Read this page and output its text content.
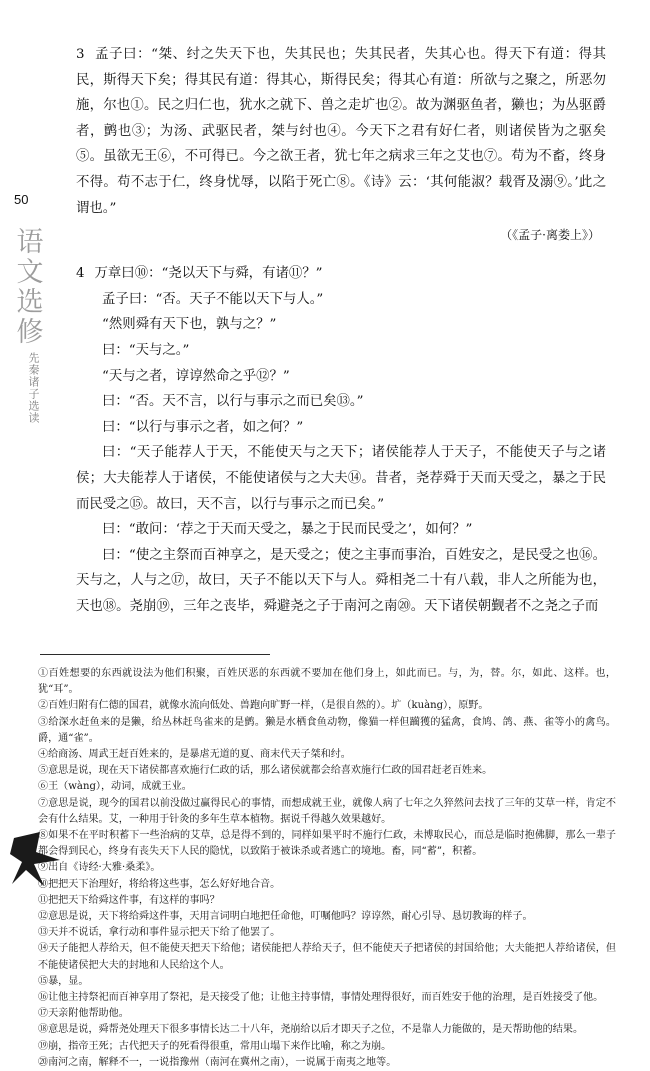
50
语
文
选
修
先秦诸子选读

3 孟子曰：“桀、纣之失天下也，失其民也；失其民者，失其心也。得天下有道：得其民，斯得天下矣；得其民有道：得其心，斯得民矣；得其心有道：所欲与之聚之，所恶勿施，尔也①。民之归仁也，犹水之就下、兽之走圹也②。故为渊驱鱼者，獭也；为丛驱爵者，鹯也③；为汤、武驱民者，桀与纣也④。今天下之君有好仁者，则诸侯皆为之驱矣⑤。虽欲无王⑥，不可得已。今之欲王者，犹七年之病求三年之艾也⑦。苟为不畜，终身不得。苟不志于仁，终身忧辱，以陷于死亡⑧。《诗》云：‘其何能淑？载胥及溺⑨。’此之谓也。”

（《孟子·离娄上》）

4 万章曰⑩：“尧以天下与舜，有诸⑪？”

孟子曰：“否。天子不能以天下与人。”
“然则舜有天下也，孰与之？”
曰：“天与之。”
“天与之者，谆谆然命之乎⑫？”
曰：“否。天不言，以行与事示之而已矣⑬。”
曰：“以行与事示之者，如之何？”

曰：“天子能荐人于天，不能使天与之天下；诸侯能荐人于天子，不能使天子与之诸侯；大夫能荐人于诸侯，不能使诸侯与之大夫⑭。昔者，尧荐舜于天而天受之，暴之于民而民受之⑮。故曰，天不言，以行与事示之而已矣。”

曰：“敢问：‘荐之于天而天受之，暴之于民而民受之’，如何？”

曰：“使之主祭而百神享之，是天受之；使之主事而事治，百姓安之，是民受之也⑯。天与之，人与之⑰，故曰，天子不能以天下与人。舜相尧二十有八载，非人之所能为也，天也⑱。尧崩⑲，三年之丧毕，舜避尧之子于南河之南⑳。天下诸侯朝觐者不之尧之子而

①百姓想要的东西就设法为他们积聚，百姓厌恶的东西就不要加在他们身上，如此而已。与，为，替。尔，如此、这样。也，犹“耳”。

②百姓归附有仁德的国君，就像水流向低处、兽跑向旷野一样，（是很自然的）。圹（kuàng），原野。

③给深水赶鱼来的是獭，给丛林赶鸟雀来的是鹯。獭是水栖食鱼动物，像猫一样但躏獲的猛禽，食鸠、鸽、燕、雀等小的禽鸟。爵，通“雀”。

④给商汤、周武王赶百姓来的，是暴虐无道的夏、商末代天子桀和纣。

⑤意思是说，现在天下诸侯都喜欢施行仁政的话，那么诸侯就都会给喜欢施行仁政的国君赶老百姓来。

⑥王（wàng），动词，成就王业。

⑦意思是说，现今的国君以前没做过赢得民心的事情，而想成就王业，就像人病了七年之久猝然问去找了三年的艾草一样，肯定不会有什么结果。艾，一种用于针灸的多年生草本植物。据说千得越久效果越好。

⑧如果不在平时积蓄下一些治病的艾草，总是得不到的，同样如果平时不施行仁政，未博取民心，而总是临时抱佛脚，那么一辈子都会得到民心，终身有丧失天下人民的隐忧，以致陷于被诛杀或者逃亡的境地。畜，同“蓄”，积蓄。

⑨出自《诗经·大雅·桑柔》。

⑩把把天下治理好，将给将这些事，怎么好好地合音。

⑪把把天下给舜这件事，有这样的事吗？

⑫意思是说，天下将给舜这件事，天用言词明白地把任命他，叮嘱他吗？谆谆然，耐心引导、恳切教诲的样子。

⑬天并不说话，拿行动和事件显示把天下给了他罢了。

⑭天子能把人荐给天，但不能使天把天下给他；诸侯能把人荐给天子，但不能使天子把诸侯的封国给他；大夫能把人荐给诸侯，但不能使诸侯把大夫的封地和人民给这个人。

⑮暴，显。

⑯让他主持祭祀而百神享用了祭祀，是天接受了他；让他主持事情，事情处理得很好，而百姓安于他的治理，是百姓接受了他。

⑰天亲附他帮助他。

⑱意思是说，舜帮尧处理天下很多事情长达二十八年，尧崩给以后才即天子之位，不是靠人力能做的，是天帮助他的结果。

⑲崩，指帝王死；古代把天子的死看得很重，常用山塌下来作比喻，称之为崩。

⑳南河之南，解释不一，一说指豫州（南河在冀州之南），一说属于南夷之地等。
